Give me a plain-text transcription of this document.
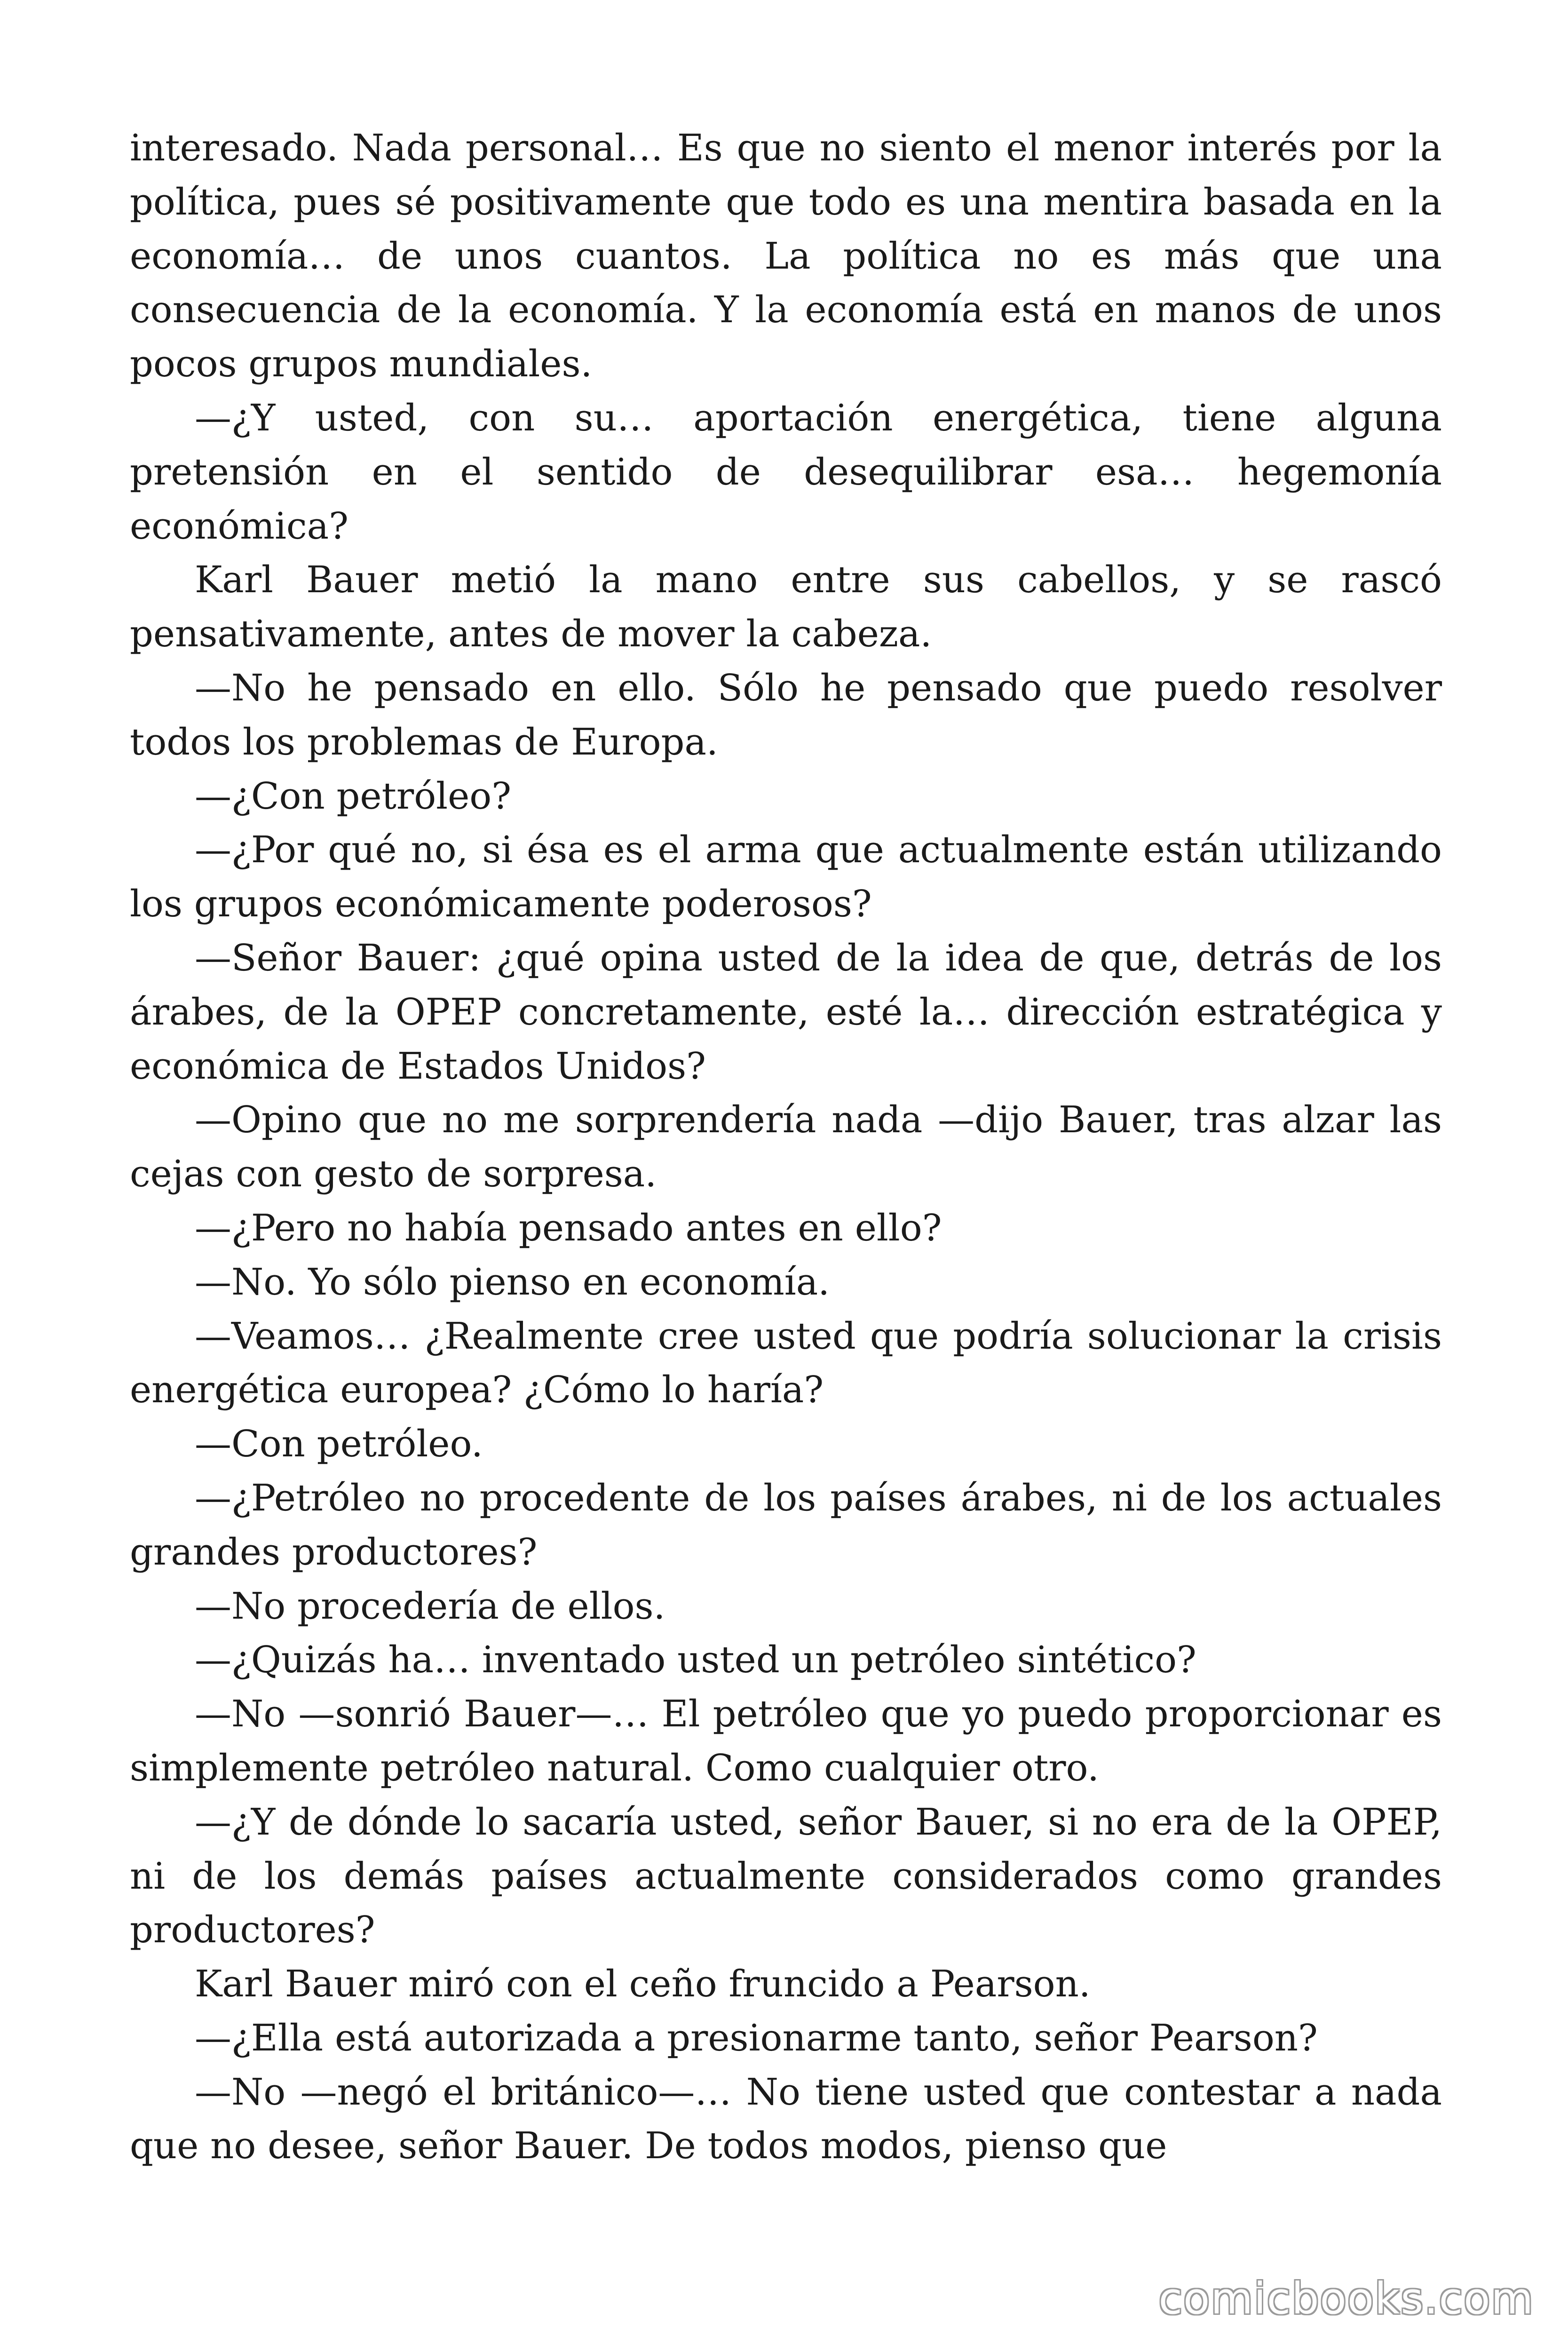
interesado. Nada personal… Es que no siento el menor interés por la política, pues sé positivamente que todo es una mentira basada en la economía… de unos cuantos. La política no es más que una consecuencia de la economía. Y la economía está en manos de unos pocos grupos mundiales.

—¿Y usted, con su… aportación energética, tiene alguna pretensión en el sentido de desequilibrar esa… hegemonía económica?

Karl Bauer metió la mano entre sus cabellos, y se rascó pensativamente, antes de mover la cabeza.

—No he pensado en ello. Sólo he pensado que puedo resolver todos los problemas de Europa.

—¿Con petróleo?

—¿Por qué no, si ésa es el arma que actualmente están utilizando los grupos económicamente poderosos?

—Señor Bauer: ¿qué opina usted de la idea de que, detrás de los árabes, de la OPEP concretamente, esté la… dirección estratégica y económica de Estados Unidos?

—Opino que no me sorprendería nada —dijo Bauer, tras alzar las cejas con gesto de sorpresa.

—¿Pero no había pensado antes en ello?

—No. Yo sólo pienso en economía.

—Veamos… ¿Realmente cree usted que podría solucionar la crisis energética europea? ¿Cómo lo haría?

—Con petróleo.

—¿Petróleo no procedente de los países árabes, ni de los actuales grandes productores?

—No procedería de ellos.

—¿Quizás ha… inventado usted un petróleo sintético?

—No —sonrió Bauer—… El petróleo que yo puedo proporcionar es simplemente petróleo natural. Como cualquier otro.

—¿Y de dónde lo sacaría usted, señor Bauer, si no era de la OPEP, ni de los demás países actualmente considerados como grandes productores?

Karl Bauer miró con el ceño fruncido a Pearson.

—¿Ella está autorizada a presionarme tanto, señor Pearson?

—No —negó el británico—… No tiene usted que contestar a nada que no desee, señor Bauer. De todos modos, pienso que

comicbooks.com
